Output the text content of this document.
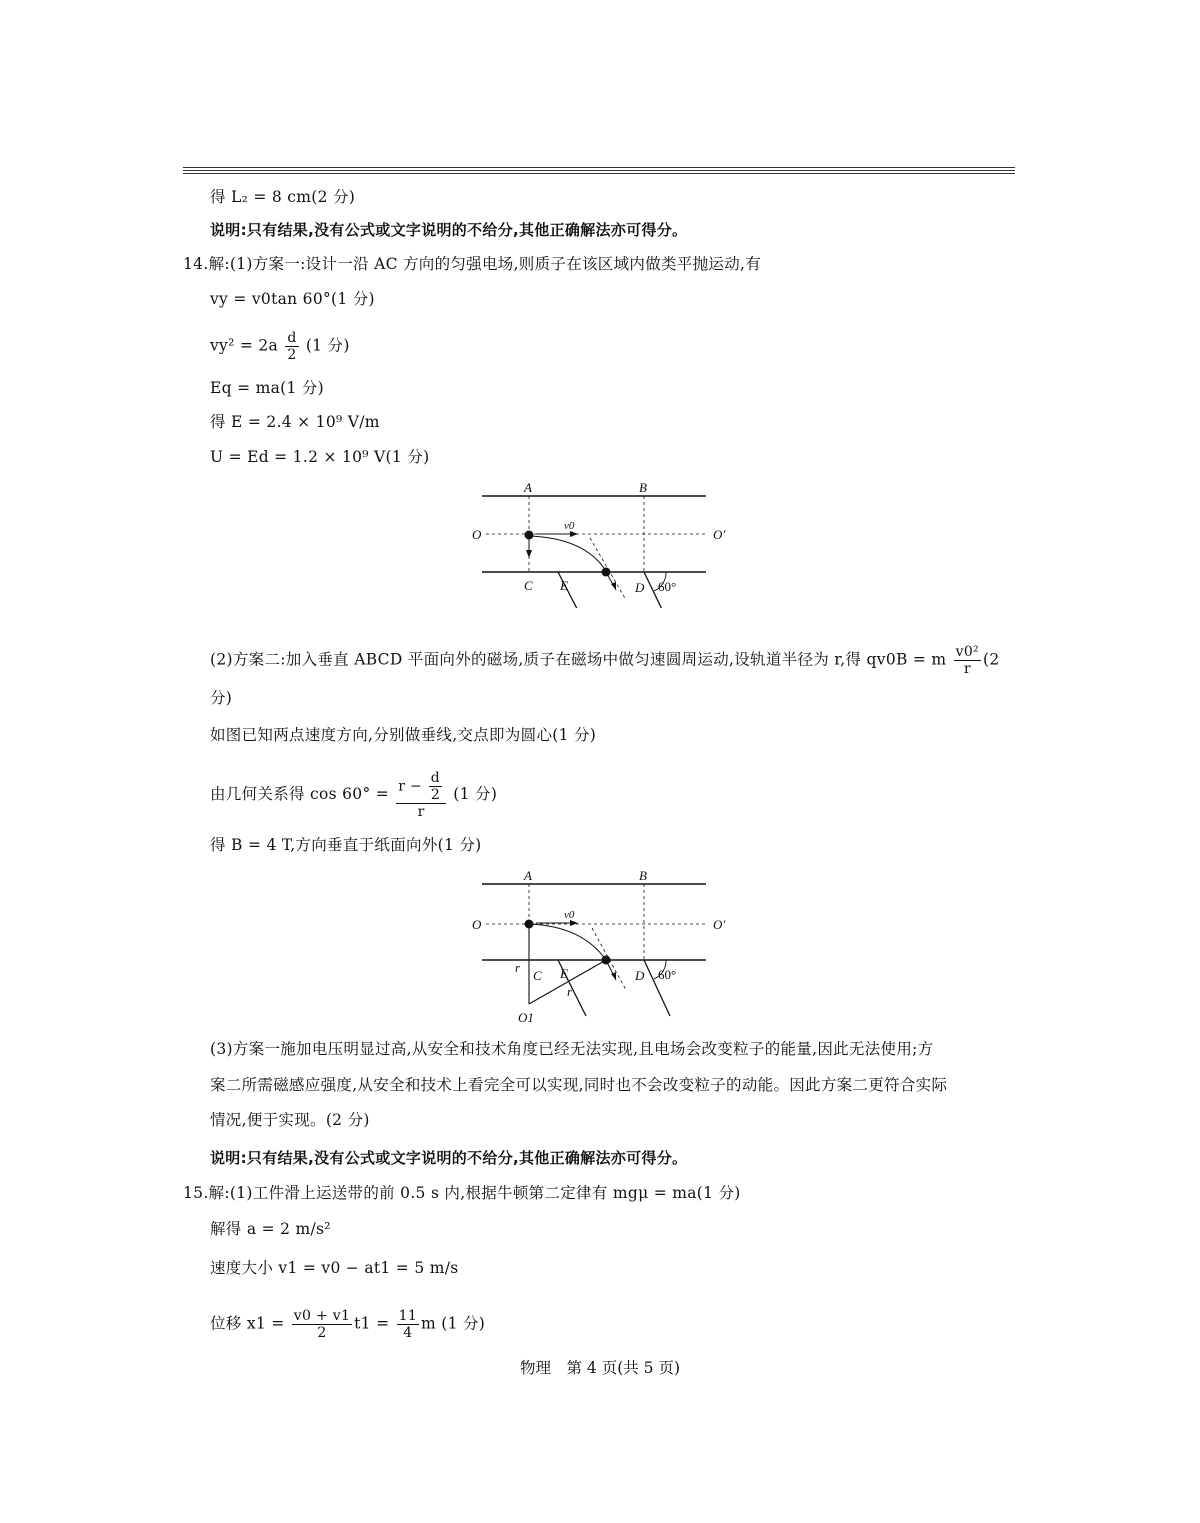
得 L₂ = 8 cm(2 分)
说明:只有结果,没有公式或文字说明的不给分,其他正确解法亦可得分。
14.解:(1)方案一:设计一沿 AC 方向的匀强电场,则质子在该区域内做类平抛运动,有
vy = v0tan 60°(1 分)
$vy^2 = 2a \frac{d}{2} (1$ 分)
Eq = ma(1 分)
得 E = 2.4 × 10⁹ V/m
U = Ed = 1.2 × 10⁹ V(1 分)
A	B
C E	D
O	O′
v0
60°
(2)方案二:加入垂直 ABCD 平面向外的磁场,质子在磁场中做匀速圆周运动,设轨道半径为 r,得 qv0B = m $\frac{\text{v0²}}{r} (2$
分)
如图已知两点速度方向,分别做垂线,交点即为圆心(1 分)
由几何关系得 $\cos 60^\circ = \frac{r - \frac{d}{2}}{r} (1$ 分)
得 B = 4 T,方向垂直于纸面向外(1 分)
A	B
C E	D
O	O′
v0
60°
r
r
O1
(3)方案一施加电压明显过高,从安全和技术角度已经无法实现,且电场会改变粒子的能量,因此无法使用;方
案二所需磁感应强度,从安全和技术上看完全可以实现,同时也不会改变粒子的动能。因此方案二更符合实际
情况,便于实现。(2 分)
说明:只有结果,没有公式或文字说明的不给分,其他正确解法亦可得分。
15.解:(1)工件滑上运送带的前 0.5 s 内,根据牛顿第二定律有 mgμ = ma(1 分)
解得 a = 2 m/s²
速度大小 v1 = v0 − at1 = 5 m/s
位移 $x1 = \frac{v0 + v1}{2} t1 = \frac{11}{4}$ m (1 分)
物理　第 4 页(共 5 页)
